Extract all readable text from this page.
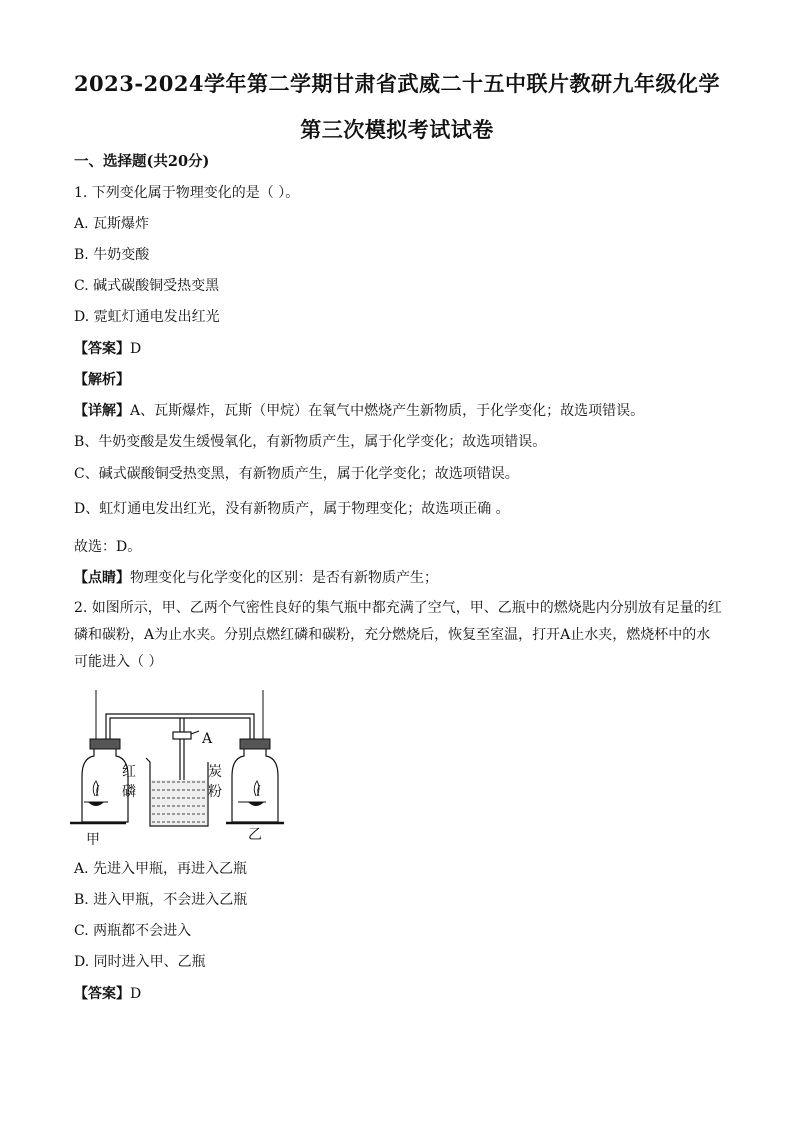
2023-2024学年第二学期甘肃省武威二十五中联片教研九年级化学
第三次模拟考试试卷
一、选择题(共20分)
1. 下列变化属于物理变化的是（ ）。
A. 瓦斯爆炸
B. 牛奶变酸
C. 碱式碳酸铜受热变黑
D. 霓虹灯通电发出红光
【答案】D
【解析】
【详解】A、瓦斯爆炸，瓦斯（甲烷）在氧气中燃烧产生新物质，于化学变化；故选项错误。
B、牛奶变酸是发生缓慢氧化，有新物质产生，属于化学变化；故选项错误。
C、碱式碳酸铜受热变黑，有新物质产生，属于化学变化；故选项错误。
D、虹灯通电发出红光，没有新物质产，属于物理变化；故选项正确 。
故选：D。
【点睛】物理变化与化学变化的区别：是否有新物质产生；
2. 如图所示，甲、乙两个气密性良好的集气瓶中都充满了空气，甲、乙瓶中的燃烧匙内分别放有足量的红磷和碳粉，A为止水夹。分别点燃红磷和碳粉，充分燃烧后，恢复至室温，打开A止水夹，燃烧杯中的水可能进入（ ）
A
红
磷
炭
粉
甲	乙
A. 先进入甲瓶，再进入乙瓶
B. 进入甲瓶，不会进入乙瓶
C. 两瓶都不会进入
D. 同时进入甲、乙瓶
【答案】D
